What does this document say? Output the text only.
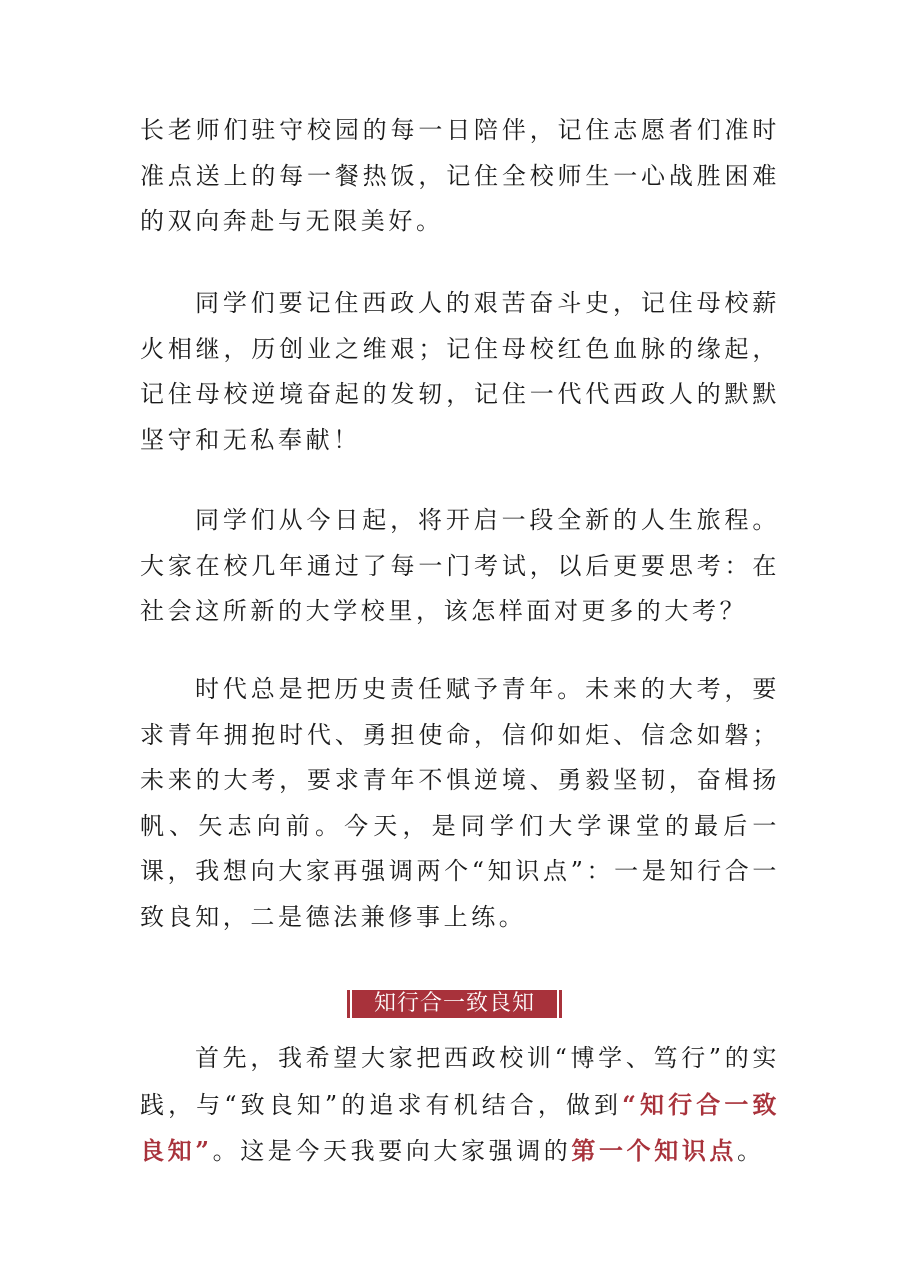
长老师们驻守校园的每一日陪伴，记住志愿者们准时准点送上的每一餐热饭，记住全校师生一心战胜困难的双向奔赴与无限美好。

同学们要记住西政人的艰苦奋斗史，记住母校薪火相继，历创业之维艰；记住母校红色血脉的缘起，记住母校逆境奋起的发轫，记住一代代西政人的默默坚守和无私奉献！

同学们从今日起，将开启一段全新的人生旅程。大家在校几年通过了每一门考试，以后更要思考：在社会这所新的大学校里，该怎样面对更多的大考？

时代总是把历史责任赋予青年。未来的大考，要求青年拥抱时代、勇担使命，信仰如炬、信念如磐；未来的大考，要求青年不惧逆境、勇毅坚韧，奋楫扬帆、矢志向前。今天，是同学们大学课堂的最后一课，我想向大家再强调两个“知识点”：一是知行合一致良知，二是德法兼修事上练。

知行合一致良知

首先，我希望大家把西政校训“博学、笃行”的实践，与“致良知”的追求有机结合，做到“知行合一致良知”。这是今天我要向大家强调的第一个知识点。
